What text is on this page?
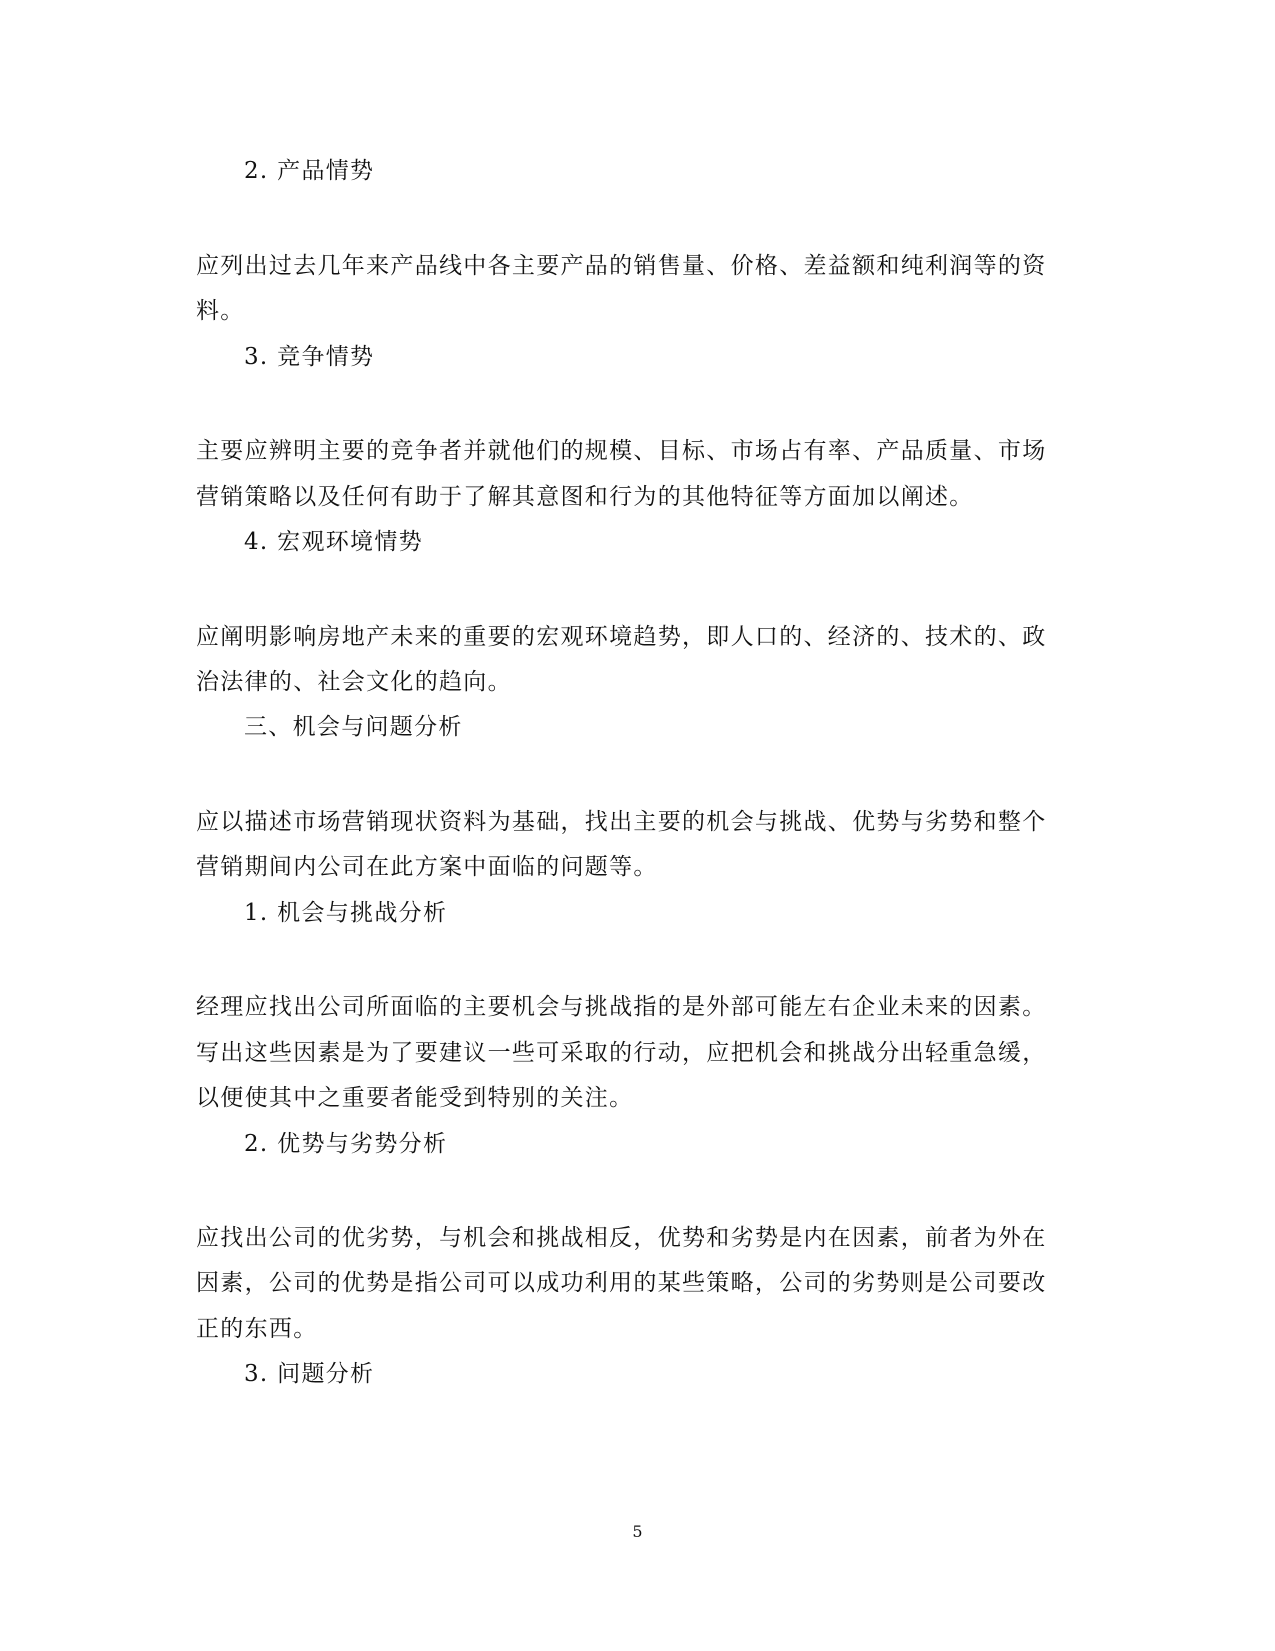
2. 产品情势
应列出过去几年来产品线中各主要产品的销售量、价格、差益额和纯利润等的资
料。
3. 竞争情势
主要应辨明主要的竞争者并就他们的规模、目标、市场占有率、产品质量、市场
营销策略以及任何有助于了解其意图和行为的其他特征等方面加以阐述。
4. 宏观环境情势
应阐明影响房地产未来的重要的宏观环境趋势，即人口的、经济的、技术的、政
治法律的、社会文化的趋向。
三、机会与问题分析
应以描述市场营销现状资料为基础，找出主要的机会与挑战、优势与劣势和整个
营销期间内公司在此方案中面临的问题等。
1. 机会与挑战分析
经理应找出公司所面临的主要机会与挑战指的是外部可能左右企业未来的因素。
写出这些因素是为了要建议一些可采取的行动，应把机会和挑战分出轻重急缓，
以便使其中之重要者能受到特别的关注。
2. 优势与劣势分析
应找出公司的优劣势，与机会和挑战相反，优势和劣势是内在因素，前者为外在
因素，公司的优势是指公司可以成功利用的某些策略，公司的劣势则是公司要改
正的东西。
3. 问题分析
5
